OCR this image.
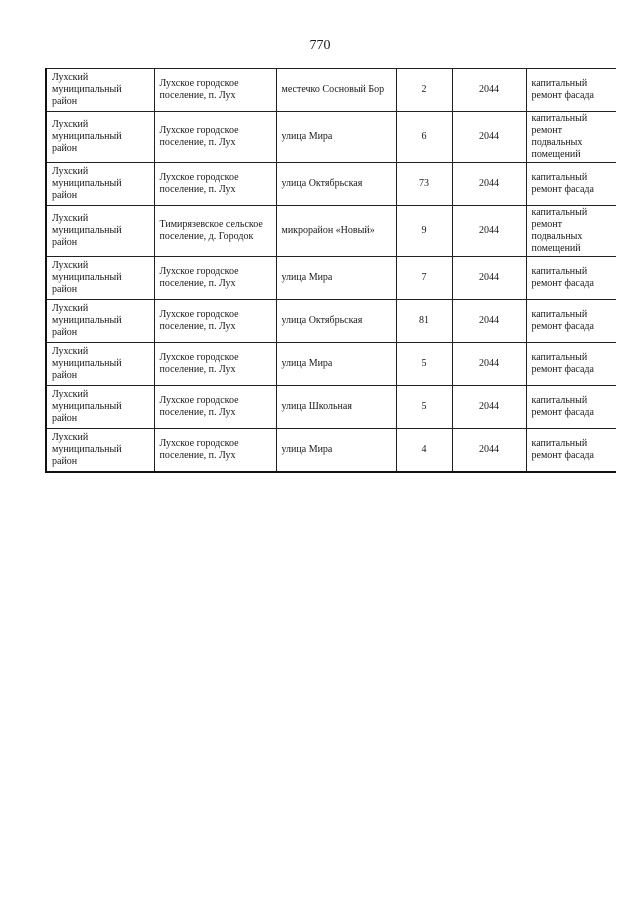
770
Лухский муниципальный район	Лухское городское поселение, п. Лух	местечко Сосновый Бор	2	2044	капитальный ремонт фасада
Лухский муниципальный район	Лухское городское поселение, п. Лух	улица Мира	6	2044	капитальный ремонт подвальных помещений
Лухский муниципальный район	Лухское городское поселение, п. Лух	улица Октябрьская	73	2044	капитальный ремонт фасада
Лухский муниципальный район	Тимирязевское сельское поселение, д. Городок	микрорайон «Новый»	9	2044	капитальный ремонт подвальных помещений
Лухский муниципальный район	Лухское городское поселение, п. Лух	улица Мира	7	2044	капитальный ремонт фасада
Лухский муниципальный район	Лухское городское поселение, п. Лух	улица Октябрьская	81	2044	капитальный ремонт фасада
Лухский муниципальный район	Лухское городское поселение, п. Лух	улица Мира	5	2044	капитальный ремонт фасада
Лухский муниципальный район	Лухское городское поселение, п. Лух	улица Школьная	5	2044	капитальный ремонт фасада
Лухский муниципальный район	Лухское городское поселение, п. Лух	улица Мира	4	2044	капитальный ремонт фасада
